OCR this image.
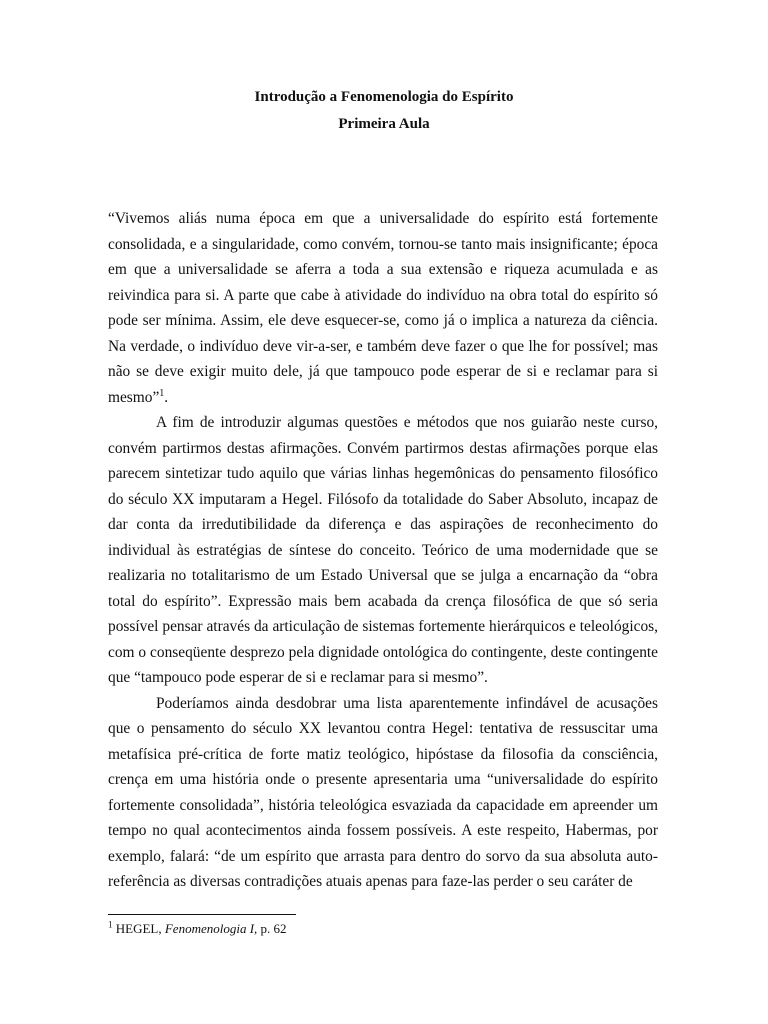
Introdução a Fenomenologia do Espírito
Primeira Aula

“Vivemos aliás numa época em que a universalidade do espírito está fortemente consolidada, e a singularidade, como convém, tornou-se tanto mais insignificante; época em que a universalidade se aferra a toda a sua extensão e riqueza acumulada e as reivindica para si. A parte que cabe à atividade do indivíduo na obra total do espírito só pode ser mínima. Assim, ele deve esquecer-se, como já o implica a natureza da ciência. Na verdade, o indivíduo deve vir-a-ser, e também deve fazer o que lhe for possível; mas não se deve exigir muito dele, já que tampouco pode esperar de si e reclamar para si mesmo”$^1$.

A fim de introduzir algumas questões e métodos que nos guiarão neste curso, convém partirmos destas afirmações. Convém partirmos destas afirmações porque elas parecem sintetizar tudo aquilo que várias linhas hegemônicas do pensamento filosófico do século XX imputaram a Hegel. Filósofo da totalidade do Saber Absoluto, incapaz de dar conta da irredutibilidade da diferença e das aspirações de reconhecimento do individual às estratégias de síntese do conceito. Teórico de uma modernidade que se realizaria no totalitarismo de um Estado Universal que se julga a encarnação da “obra total do espírito”. Expressão mais bem acabada da crença filosófica de que só seria possível pensar através da articulação de sistemas fortemente hierárquicos e teleológicos, com o conseqüente desprezo pela dignidade ontológica do contingente, deste contingente que “tampouco pode esperar de si e reclamar para si mesmo”.

Poderíamos ainda desdobrar uma lista aparentemente infindável de acusações que o pensamento do século XX levantou contra Hegel: tentativa de ressuscitar uma metafísica pré-crítica de forte matiz teológico, hipóstase da filosofia da consciência, crença em uma história onde o presente apresentaria uma “universalidade do espírito fortemente consolidada”, história teleológica esvaziada da capacidade em apreender um tempo no qual acontecimentos ainda fossem possíveis. A este respeito, Habermas, por exemplo, falará: “de um espírito que arrasta para dentro do sorvo da sua absoluta auto-referência as diversas contradições atuais apenas para faze-las perder o seu caráter de

$^1$ HEGEL, Fenomenologia I, p. 62
